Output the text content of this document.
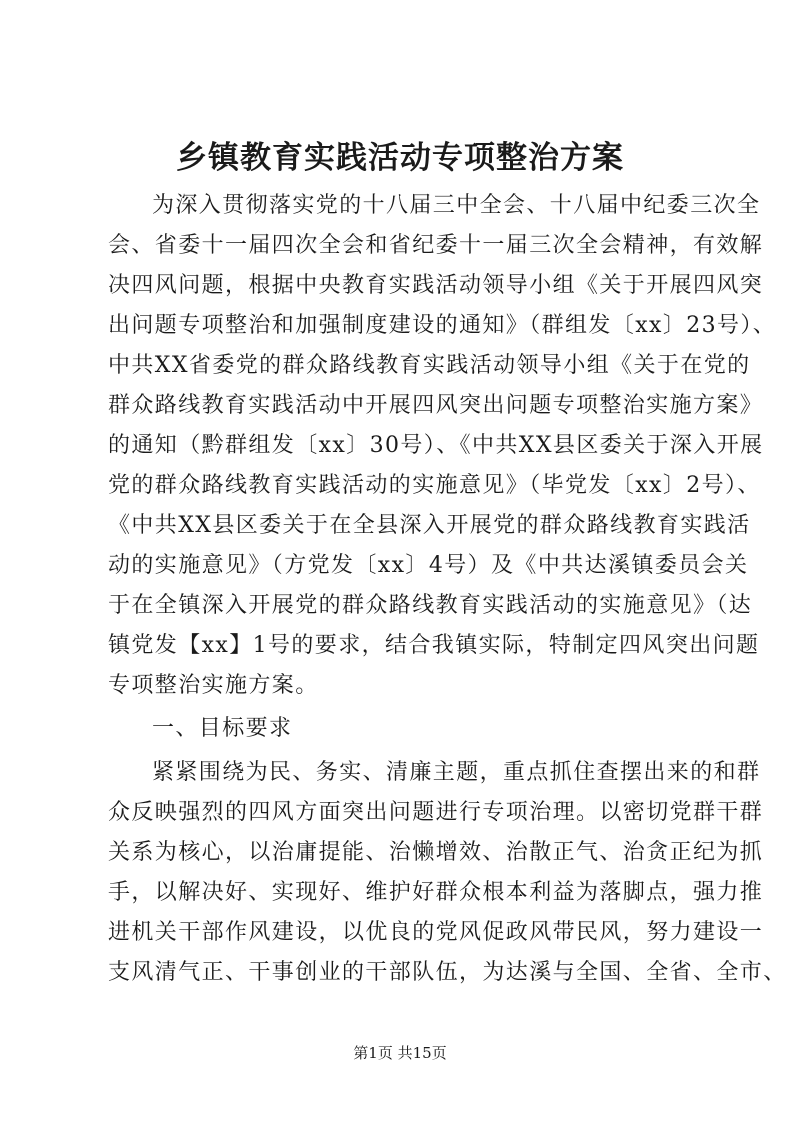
乡镇教育实践活动专项整治方案
为深入贯彻落实党的十八届三中全会、十八届中纪委三次全
会、省委十一届四次全会和省纪委十一届三次全会精神，有效解
决四风问题，根据中央教育实践活动领导小组《关于开展四风突
出问题专项整治和加强制度建设的通知》（群组发〔xx〕23号）、
中共XX省委党的群众路线教育实践活动领导小组《关于在党的
群众路线教育实践活动中开展四风突出问题专项整治实施方案》
的通知（黔群组发〔xx〕30号）、《中共XX县区委关于深入开展
党的群众路线教育实践活动的实施意见》（毕党发〔xx〕2号）、
《中共XX县区委关于在全县深入开展党的群众路线教育实践活
动的实施意见》（方党发〔xx〕4号）及《中共达溪镇委员会关
于在全镇深入开展党的群众路线教育实践活动的实施意见》（达
镇党发【xx】1号的要求，结合我镇实际，特制定四风突出问题
专项整治实施方案。
一、目标要求
紧紧围绕为民、务实、清廉主题，重点抓住查摆出来的和群
众反映强烈的四风方面突出问题进行专项治理。以密切党群干群
关系为核心，以治庸提能、治懒增效、治散正气、治贪正纪为抓
手，以解决好、实现好、维护好群众根本利益为落脚点，强力推
进机关干部作风建设，以优良的党风促政风带民风，努力建设一
支风清气正、干事创业的干部队伍，为达溪与全国、全省、全市、
第1页 共15页
